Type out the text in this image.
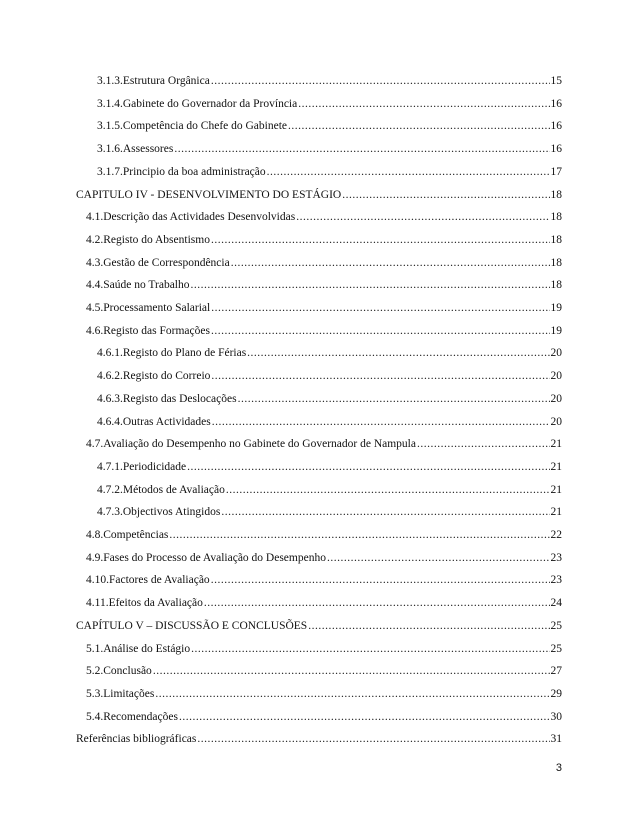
3.1.3.Estrutura Orgânica .....	15
3.1.4.Gabinete do Governador da Província .....	16
3.1.5.Competência do Chefe do Gabinete .....	16
3.1.6.Assessores .....	16
3.1.7.Principio da boa administração .....	17
CAPITULO IV - DESENVOLVIMENTO DO ESTÁGIO .....	18
4.1.Descrição das Actividades Desenvolvidas .....	18
4.2.Registo do Absentismo .....	18
4.3.Gestão de Correspondência .....	18
4.4.Saúde no Trabalho .....	18
4.5.Processamento Salarial .....	19
4.6.Registo das Formações .....	19
4.6.1.Registo do Plano de Férias .....	20
4.6.2.Registo do Correio .....	20
4.6.3.Registo das Deslocações .....	20
4.6.4.Outras Actividades .....	20
4.7.Avaliação do Desempenho no Gabinete do Governador de Nampula .....	21
4.7.1.Periodicidade .....	21
4.7.2.Métodos de Avaliação .....	21
4.7.3.Objectivos Atingidos .....	21
4.8.Competências .....	22
4.9.Fases do Processo de Avaliação do Desempenho .....	23
4.10.Factores de Avaliação .....	23
4.11.Efeitos da Avaliação .....	24
CAPÍTULO V – DISCUSSÃO E CONCLUSÕES .....	25
5.1.Análise do Estágio .....	25
5.2.Conclusão .....	27
5.3.Limitações .....	29
5.4.Recomendações .....	30
Referências bibliográficas .....	31
3
